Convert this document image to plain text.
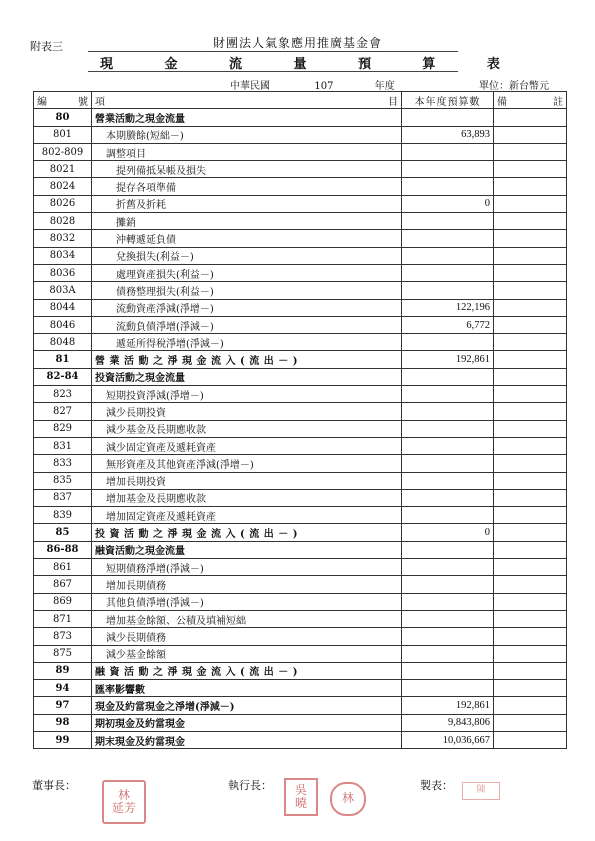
附表三	財團法人氣象應用推廣基金會
現	金	流	量	預	算	表
中華民國	107	年度	單位：新台幣元
編 號	項 目	本年度預算數	備 註

80	營業活動之現金流量		
801	本期賸餘(短絀－)	63,893	
802-809	調整項目		
8021	提列備抵呆帳及損失		
8024	提存各項準備		
8026	折舊及折耗	0	
8028	攤銷		
8032	沖轉遞延負債		
8034	兌換損失(利益－)		
8036	處理資產損失(利益－)		
803A	債務整理損失(利益－)		
8044	流動資產淨減(淨增－)	122,196	
8046	流動負債淨增(淨減－)	6,772	
8048	遞延所得稅淨增(淨減－)		
81	營業活動之淨現金流入(流出－)	192,861	
82-84	投資活動之現金流量		
823	短期投資淨減(淨增－)		
827	減少長期投資		
829	減少基金及長期應收款		
831	減少固定資產及遞耗資產		
833	無形資產及其他資產淨減(淨增－)		
835	增加長期投資		
837	增加基金及長期應收款		
839	增加固定資產及遞耗資產		
85	投資活動之淨現金流入(流出－)	0	
86-88	融資活動之現金流量		
861	短期債務淨增(淨減－)		
867	增加長期債務		
869	其他負債淨增(淨減－)		
871	增加基金餘額、公積及填補短絀		
873	減少長期債務		
875	減少基金餘額		
89	融資活動之淨現金流入(流出－)		
94	匯率影響數		
97	現金及約當現金之淨增(淨減－)	192,861	
98	期初現金及約當現金	9,843,806	
99	期末現金及約當現金	10,036,667	
董事長：
林
延芳
執行長：	吳
曉	林
製表：	陳
